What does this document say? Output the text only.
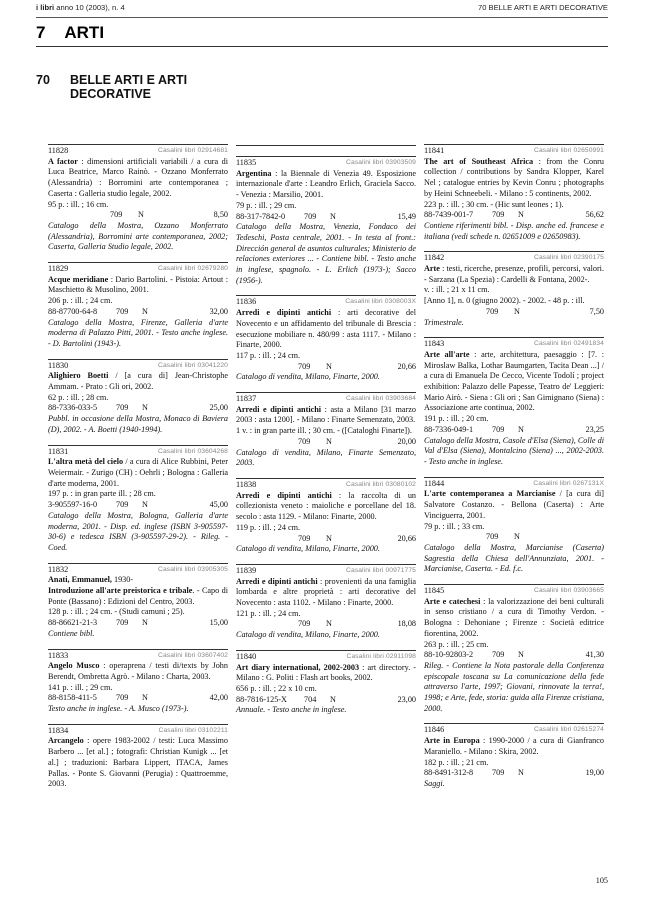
i libri anno 10 (2003), n. 4	70 BELLE ARTI E ARTI DECORATIVE
7 ARTI
70 BELLE ARTI E ARTI
DECORATIVE
11828	Casalini libri 02914681
A factor : dimensioni artificiali variabili / a cura di Luca Beatrice, Marco Rainò. - Ozzano Monferrato (Alessandria) : Borromini arte contemporanea ; Caserta : Galleria studio legale, 2002.
95 p. : ill. ; 16 cm.
709	N	8,50
Catalogo della Mostra, Ozzano Monferrato (Alessandria), Borromini arte contemporanea, 2002; Caserta, Galleria Studio legale, 2002.
11829	Casalini libri 02679280
Acque meridiane : Dario Bartolini. - Pistoia: Artout : Maschietto & Musolino, 2001.
206 p. : ill. ; 24 cm.
88-87700-64-8	709	N	32,00
Catalogo della Mostra, Firenze, Galleria d'arte moderna di Palazzo Pitti, 2001. - Testo anche inglese. - D. Bartolini (1943-).
11830	Casalini libri 03041220
Alighiero Boetti / [a cura di] Jean-Christophe Ammam. - Prato : Gli ori, 2002.
62 p. : ill. ; 28 cm.
88-7336-033-5	709	N	25,00
Pubbl. in occasione della Mostra, Monaco di Baviera (D), 2002. - A. Boetti (1940-1994).
11831	Casalini libri 03604268
L'altra metà del cielo / a cura di Alice Rubbini, Peter Weiermair. - Zurigo (CH) : Oehrli ; Bologna : Galleria d'arte moderna, 2001.
197 p. : in gran parte ill. ; 28 cm.
3-905597-16-0	709	N	45,00
Catalogo della Mostra, Bologna, Galleria d'arte moderna, 2001. - Disp. ed. inglese (ISBN 3-905597-30-6) e tedesca ISBN (3-905597-29-2). - Rileg. - Coed.
11832	Casalini libri 03905305
Anati, Emmanuel, 1930-
Introduzione all'arte preistorica e tribale. - Capo di Ponte (Bassano) : Edizioni del Centro, 2003.
128 p. : ill. ; 24 cm. - (Studi camuni ; 25).
88-86621-21-3	709	N	15,00
Contiene bibl.
11833	Casalini libri 03607402
Angelo Musco : operaprena / testi di/texts by John Berendt, Ombretta Agrò. - Milano : Charta, 2003.
141 p. : ill. ; 29 cm.
88-8158-411-5	709	N	42,00
Testo anche in inglese. - A. Musco (1973-).
11834	Casalini libri 03102211
Arcangelo : opere 1983-2002 / testi: Luca Massimo Barbero ... [et al.] ; fotografi: Christian Kunigk ... [et al.] ; traduzioni: Barbara Lippert, ITACA, James Pallas. - Ponte S. Giovanni (Perugia) : Quattroemme, 2003.
11835	Casalini libri 03903509
Argentina : la Biennale di Venezia 49. Esposizione internazionale d'arte : Leandro Erlich, Graciela Sacco. - Venezia : Marsilio, 2001.
79 p. : ill. ; 29 cm.
88-317-7842-0	709	N	15,49
Catalogo della Mostra, Venezia, Fondaco dei Tedeschi, Posta centrale, 2001. - In testa al front.: Dirección general de asuntos culturales; Ministerio de relaciones exteriores ... - Contiene bibl. - Testo anche in inglese, spagnolo. - L. Erlich (1973-); Sacco (1956-).
11836	Casalini libri 0308003X
Arredi e dipinti antichi : arti decorative del Novecento e un affidamento del tribunale di Brescia : esecuzione mobiliare n. 480/99 : asta 1117. - Milano : Finarte, 2000.
117 p. : ill. ; 24 cm.
709	N	20,66
Catalogo di vendita, Milano, Finarte, 2000.
11837	Casalini libri 03903684
Arredi e dipinti antichi : asta a Milano [31 marzo 2003 : asta 1200]. - Milano : Finarte Semenzato, 2003.
1 v. : in gran parte ill. ; 30 cm. - ([Cataloghi Finarte]).
709	N	20,00
Catalogo di vendita, Milano, Finarte Semenzato, 2003.
11838	Casalini libri 03080102
Arredi e dipinti antichi : la raccolta di un collezionista veneto : maioliche e porcellane del 18. secolo : asta 1129. - Milano: Finarte, 2000.
119 p. : ill. ; 24 cm.
709	N	20,66
Catalogo di vendita, Milano, Finarte, 2000.
11839	Casalini libri 00971775
Arredi e dipinti antichi : provenienti da una famiglia lombarda e altre proprietà : arti decorative del Novecento : asta 1102. - Milano : Finarte, 2000.
121 p. : ill. ; 24 cm.
709	N	18,08
Catalogo di vendita, Milano, Finarte, 2000.
11840	Casalini libri 02911098
Art diary international, 2002-2003 : art directory. - Milano : G. Politi : Flash art books, 2002.
656 p. : ill. ; 22 x 10 cm.
88-7816-125-X	704	N	23,00
Annuale. - Testo anche in inglese.
11841	Casalini libri 02650991
The art of Southeast Africa : from the Conru collection / contributions by Sandra Klopper, Karel Nel ; catalogue entries by Kevin Conru ; photographs by Heini Schneebeli. - Milano : 5 continents, 2002.
223 p. : ill. ; 30 cm. - (Hic sunt leones ; 1).
88-7439-001-7	709	N	56,62
Contiene riferimenti bibl. - Disp. anche ed. francese e italiana (vedi schede n. 02651009 e 02650983).
11842	Casalini libri 02390175
Arte : testi, ricerche, presenze, profili, percorsi, valori. - Sarzana (La Spezia) : Cardelli & Fontana, 2002-.
v. : ill. ; 21 x 11 cm.
[Anno 1], n. 0 (giugno 2002). - 2002. - 48 p. : ill.
709	N	7,50
Trimestrale.
11843	Casalini libri 02491834
Arte all'arte : arte, architettura, paesaggio : [7. : Miroslaw Balka, Lothar Baumgarten, Tacita Dean ...] / a cura di Emanuela De Cecco, Vicente Todolí ; project exhibition: Palazzo delle Papesse, Teatro de' Leggieri: Mario Airò. - Siena : Gli ori ; San Gimignano (Siena) : Associazione arte continua, 2002.
191 p. : ill. ; 20 cm.
88-7336-049-1	709	N	23,25
Catalogo della Mostra, Casole d'Elsa (Siena), Colle di Val d'Elsa (Siena), Montalcino (Siena) ..., 2002-2003. - Testo anche in inglese.
11844	Casalini libri 0267131X
L'arte contemporanea a Marcianise / [a cura di] Salvatore Costanzo. - Bellona (Caserta) : Arte Vinciguerra, 2001.
79 p. : ill. ; 33 cm.
709	N
Catalogo della Mostra, Marcianise (Caserta) Sagrestia della Chiesa dell'Annunziata, 2001. - Marcianise, Caserta. - Ed. f.c.
11845	Casalini libri 03903665
Arte e catechesi : la valorizzazione dei beni culturali in senso cristiano / a cura di Timothy Verdon. - Bologna : Dehoniane ; Firenze : Società editrice fiorentina, 2002.
263 p. : ill. ; 25 cm.
88-10-92803-2	709	N	41,30
Rileg. - Contiene la Nota pastorale della Conferenza episcopale toscana su La comunicazione della fede attraverso l'arte, 1997; Giovani, rinnovate la terra!, 1998; e Arte, fede, storia: guida alla Firenze cristiana, 2000.
11846	Casalini libri 02615274
Arte in Europa : 1990-2000 / a cura di Gianfranco Maraniello. - Milano : Skira, 2002.
182 p. : ill. ; 21 cm.
88-8491-312-8	709	N	19,00
Saggi.
105
